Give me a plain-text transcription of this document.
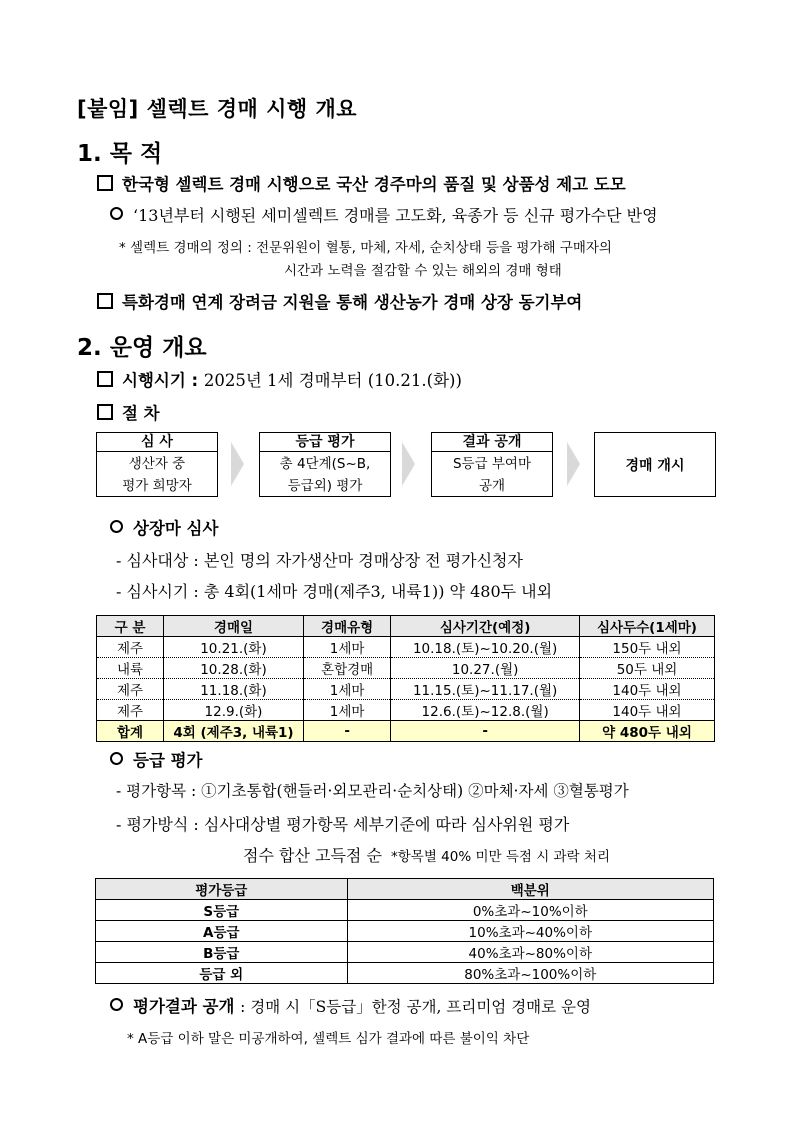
[붙임] 셀렉트 경매 시행 개요
1. 목 적
한국형 셀렉트 경매 시행으로 국산 경주마의 품질 및 상품성 제고 도모
‘13년부터 시행된 세미셀렉트 경매를 고도화, 육종가 등 신규 평가수단 반영
* 셀렉트 경매의 정의 : 전문위원이 혈통, 마체, 자세, 순치상태 등을 평가해 구매자의
시간과 노력을 절감할 수 있는 해외의 경매 형태
특화경매 연계 장려금 지원을 통해 생산농가 경매 상장 동기부여
2. 운영 개요
시행시기 : 2025년 1세 경매부터 (10.21.(화))
절 차
심 사
생산자 중
평가 희망자
등급 평가
총 4단계(S~B,
등급외) 평가
결과 공개
S등급 부여마
공개
경매 개시
상장마 심사
- 심사대상 : 본인 명의 자가생산마 경매상장 전 평가신청자
- 심사시기 : 총 4회(1세마 경매(제주3, 내륙1)) 약 480두 내외
구 분	경매일	경매유형	심사기간(예정)	심사두수(1세마)
제주	10.21.(화)	1세마	10.18.(토)~10.20.(월)	150두 내외
내륙	10.28.(화)	혼합경매	10.27.(월)	50두 내외
제주	11.18.(화)	1세마	11.15.(토)~11.17.(월)	140두 내외
제주	12.9.(화)	1세마	12.6.(토)~12.8.(월)	140두 내외
합계	4회 (제주3, 내륙1)	-	-	약 480두 내외
등급 평가
- 평가항목 : ①기초통합(핸들러·외모관리·순치상태) ②마체·자세 ③혈통평가
- 평가방식 : 심사대상별 평가항목 세부기준에 따라 심사위원 평가
점수 합산 고득점 순 *항목별 40% 미만 득점 시 과락 처리
평가등급	백분위
S등급	0%초과~10%이하
A등급	10%초과~40%이하
B등급	40%초과~80%이하
등급 외	80%초과~100%이하
평가결과 공개 : 경매 시「S등급」한정 공개, 프리미엄 경매로 운영
* A등급 이하 말은 미공개하여, 셀렉트 심가 결과에 따른 불이익 차단
